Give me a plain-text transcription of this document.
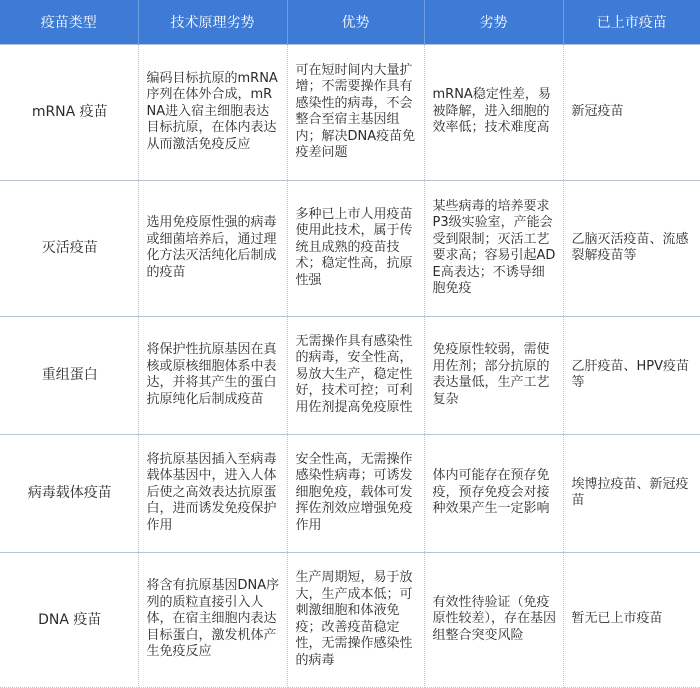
疫苗类型	技术原理劣势	优势	劣势	已上市疫苗
mRNA 疫苗	编码目标抗原的mRNA序列在体外合成，mRNA进入宿主细胞表达目标抗原，在体内表达从而激活免疫反应	可在短时间内大量扩增；不需要操作具有感染性的病毒，不会整合至宿主基因组内；解决DNA疫苗免疫差问题	mRNA稳定性差，易被降解，进入细胞的效率低；技术难度高	新冠疫苗
灭活疫苗	选用免疫原性强的病毒或细菌培养后，通过理化方法灭活纯化后制成的疫苗	多种已上市人用疫苗使用此技术，属于传统且成熟的疫苗技术；稳定性高，抗原性强	某些病毒的培养要求P3级实验室，产能会受到限制；灭活工艺要求高；容易引起ADE高表达；不诱导细胞免疫	乙脑灭活疫苗、流感裂解疫苗等
重组蛋白	将保护性抗原基因在真核或原核细胞体系中表达，并将其产生的蛋白抗原纯化后制成疫苗	无需操作具有感染性的病毒，安全性高，易放大生产，稳定性好，技术可控；可利用佐剂提高免疫原性	免疫原性较弱，需使用佐剂；部分抗原的表达量低，生产工艺复杂	乙肝疫苗、HPV疫苗等
病毒载体疫苗	将抗原基因插入至病毒载体基因中，进入人体后使之高效表达抗原蛋白，进而诱发免疫保护作用	安全性高，无需操作感染性病毒；可诱发细胞免疫，载体可发挥佐剂效应增强免疫作用	体内可能存在预存免疫，预存免疫会对接种效果产生一定影响	埃博拉疫苗、新冠疫苗
DNA 疫苗	将含有抗原基因DNA序列的质粒直接引入人体，在宿主细胞内表达目标蛋白，激发机体产生免疫反应	生产周期短，易于放大，生产成本低；可刺激细胞和体液免疫；改善疫苗稳定性，无需操作感染性的病毒	有效性待验证（免疫原性较差），存在基因组整合突变风险	暂无已上市疫苗
